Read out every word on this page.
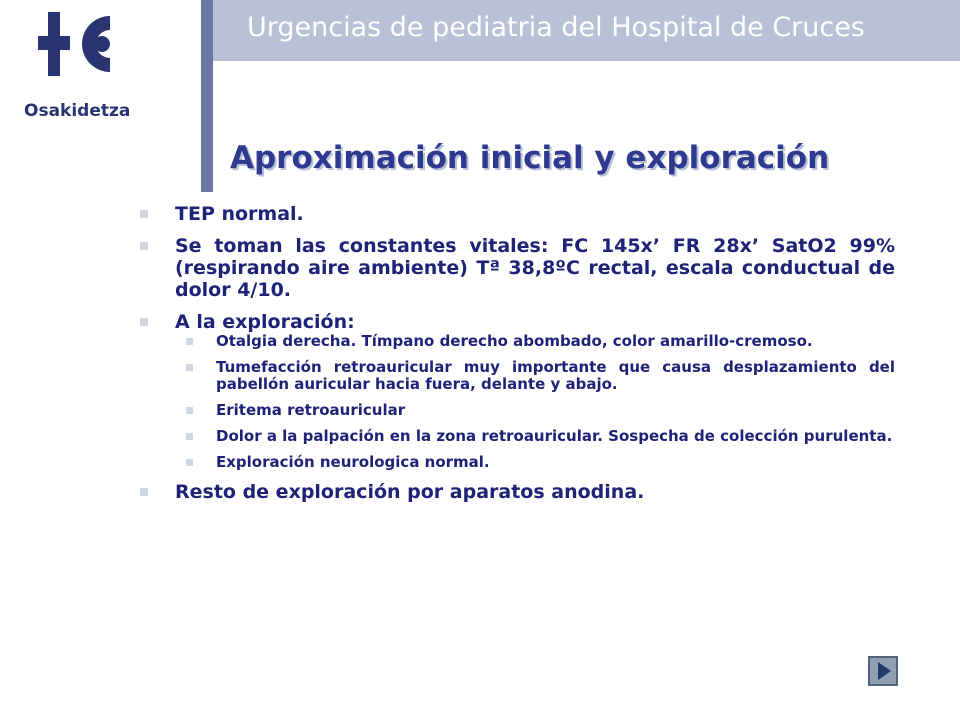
Urgencias de pediatria del Hospital de Cruces
Osakidetza
Aproximación inicial y exploración
TEP normal.
Se toman las constantes vitales: FC 145x’ FR 28x’ SatO2 99% (respirando aire ambiente) Tª 38,8ºC rectal, escala conductual de dolor 4/10.
A la exploración:
Otalgia derecha. Tímpano derecho abombado, color amarillo-cremoso.
Tumefacción retroauricular muy importante que causa desplazamiento del pabellón auricular hacia fuera, delante y abajo.
Eritema retroauricular
Dolor a la palpación en la zona retroauricular. Sospecha de colección purulenta.
Exploración neurologica normal.
Resto de exploración por aparatos anodina.
